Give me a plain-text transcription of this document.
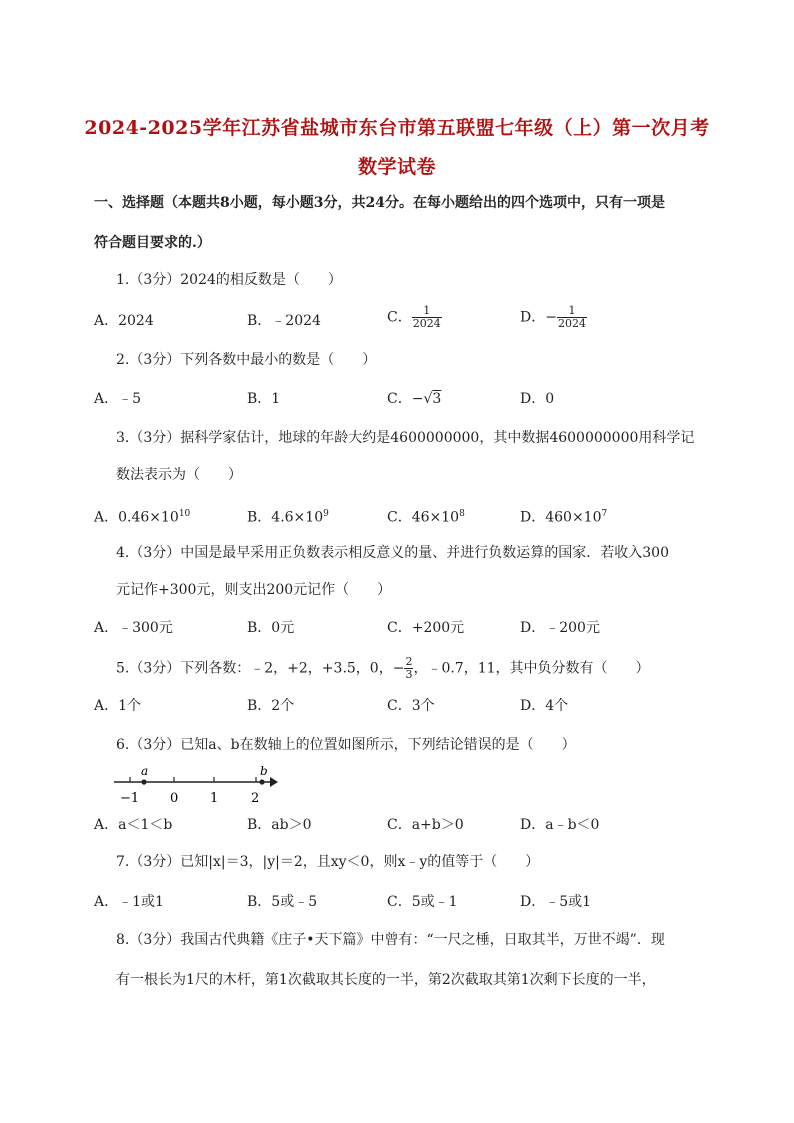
2024-2025学年江苏省盐城市东台市第五联盟七年级（上）第一次月考
数学试卷
一、选择题（本题共8小题，每小题3分，共24分。在每小题给出的四个选项中，只有一项是
符合题目要求的.）
1.（3分）2024的相反数是（　　）
A．2024	B．﹣2024	C． $\frac{1}{2024}$	D．− $\frac{1}{2024}$
2.（3分）下列各数中最小的数是（　　）
A．﹣5	B．1	C．−√3	D．0
3.（3分）据科学家估计，地球的年龄大约是4600000000，其中数据4600000000用科学记
数法表示为（　　）
A．$0.46\times 10^{10}$	B．$4.6\times 10^9$	C．$46\times 10^8$	D．$460\times 10^7$
4.（3分）中国是最早采用正负数表示相反意义的量、并进行负数运算的国家．若收入300
元记作+300元，则支出200元记作（　　）
A．﹣300元	B．0元	C．+200元	D．﹣200元
5.（3分）下列各数：﹣2，+2，+3.5，0，− $\frac{2}{3}$ ，﹣0.7，11，其中负分数有（　　）
A．1个	B．2个	C．3个	D．4个
6.（3分）已知a、b在数轴上的位置如图所示，下列结论错误的是（　　）
a	b
−1 0 1	2
A．a＜1＜b	B．ab＞0	C．a+b＞0	D．a﹣b＜0
7.（3分）已知|x|＝3，|y|＝2，且xy＜0，则x﹣y的值等于（　　）
A．﹣1或1	B．5或﹣5	C．5或﹣1	D．﹣5或1
8.（3分）我国古代典籍《庄子•天下篇》中曾有：“一尺之棰，日取其半，万世不竭”．现
有一根长为1尺的木杆，第1次截取其长度的一半，第2次截取其第1次剩下长度的一半，
